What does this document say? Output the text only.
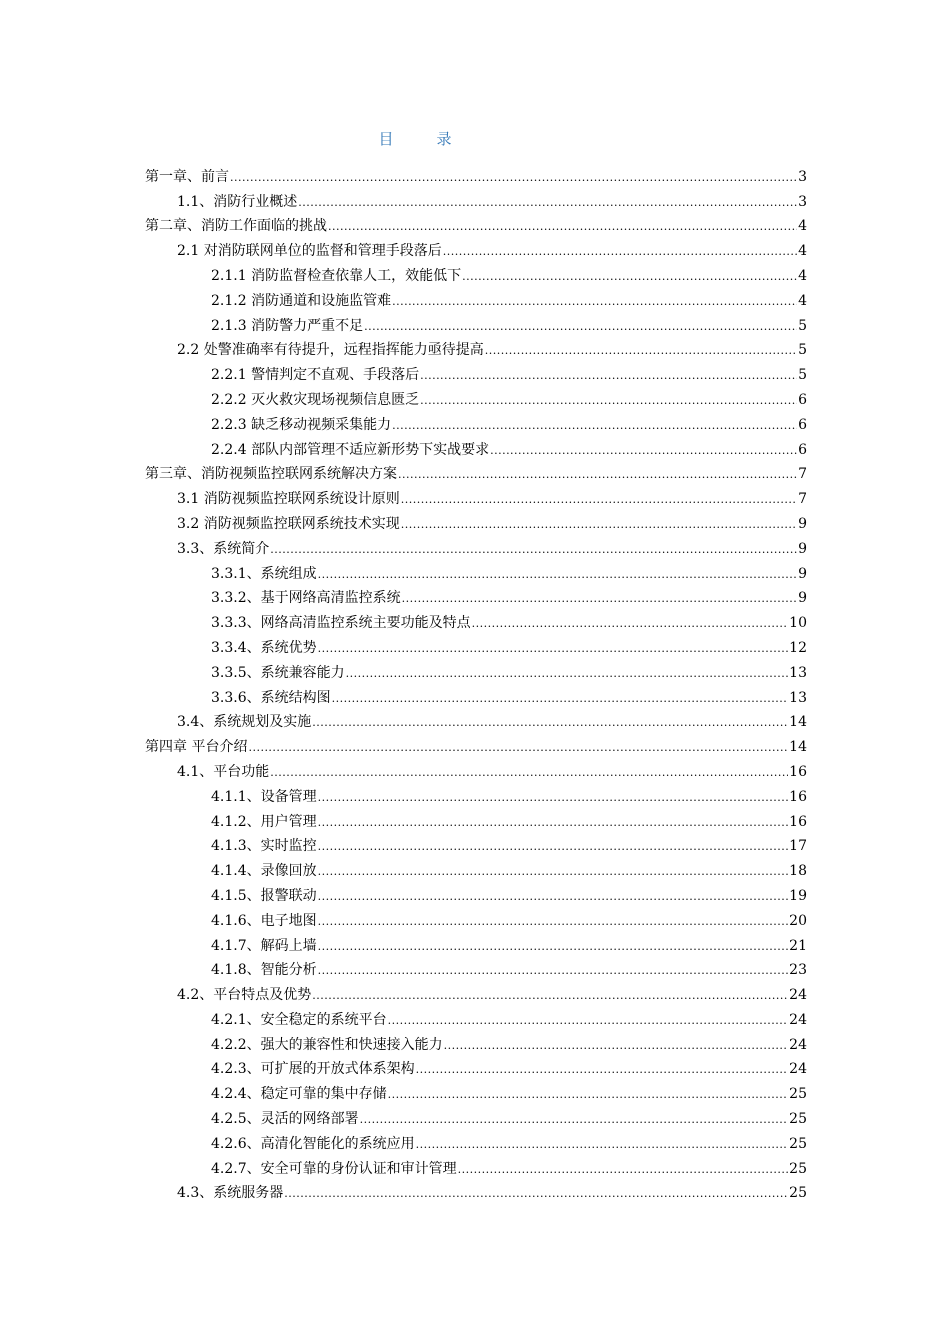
目　录
第一章、前言 .....	3
1.1、消防行业概述 .....	3
第二章、消防工作面临的挑战 .....	4
2.1 对消防联网单位的监督和管理手段落后 .....	4
2.1.1 消防监督检查依靠人工，效能低下 .....	4
2.1.2 消防通道和设施监管难 .....	4
2.1.3 消防警力严重不足 .....	5
2.2 处警准确率有待提升，远程指挥能力亟待提高 .....	5
2.2.1 警情判定不直观、手段落后 .....	5
2.2.2 灭火救灾现场视频信息匮乏 .....	6
2.2.3 缺乏移动视频采集能力 .....	6
2.2.4 部队内部管理不适应新形势下实战要求 .....	6
第三章、消防视频监控联网系统解决方案 .....	7
3.1 消防视频监控联网系统设计原则 .....	7
3.2 消防视频监控联网系统技术实现 .....	9
3.3、系统简介 .....	9
3.3.1、系统组成 .....	9
3.3.2、基于网络高清监控系统 .....	9
3.3.3、网络高清监控系统主要功能及特点 .....	10
3.3.4、系统优势 .....	12
3.3.5、系统兼容能力 .....	13
3.3.6、系统结构图 .....	13
3.4、系统规划及实施 .....	14
第四章 平台介绍 .....	14
4.1、平台功能 .....	16
4.1.1、设备管理 .....	16
4.1.2、用户管理 .....	16
4.1.3、实时监控 .....	17
4.1.4、录像回放 .....	18
4.1.5、报警联动 .....	19
4.1.6、电子地图 .....	20
4.1.7、解码上墙 .....	21
4.1.8、智能分析 .....	23
4.2、平台特点及优势 .....	24
4.2.1、安全稳定的系统平台 .....	24
4.2.2、强大的兼容性和快速接入能力 .....	24
4.2.3、可扩展的开放式体系架构 .....	24
4.2.4、稳定可靠的集中存储 .....	25
4.2.5、灵活的网络部署 .....	25
4.2.6、高清化智能化的系统应用 .....	25
4.2.7、安全可靠的身份认证和审计管理 .....	25
4.3、系统服务器 .....	25
